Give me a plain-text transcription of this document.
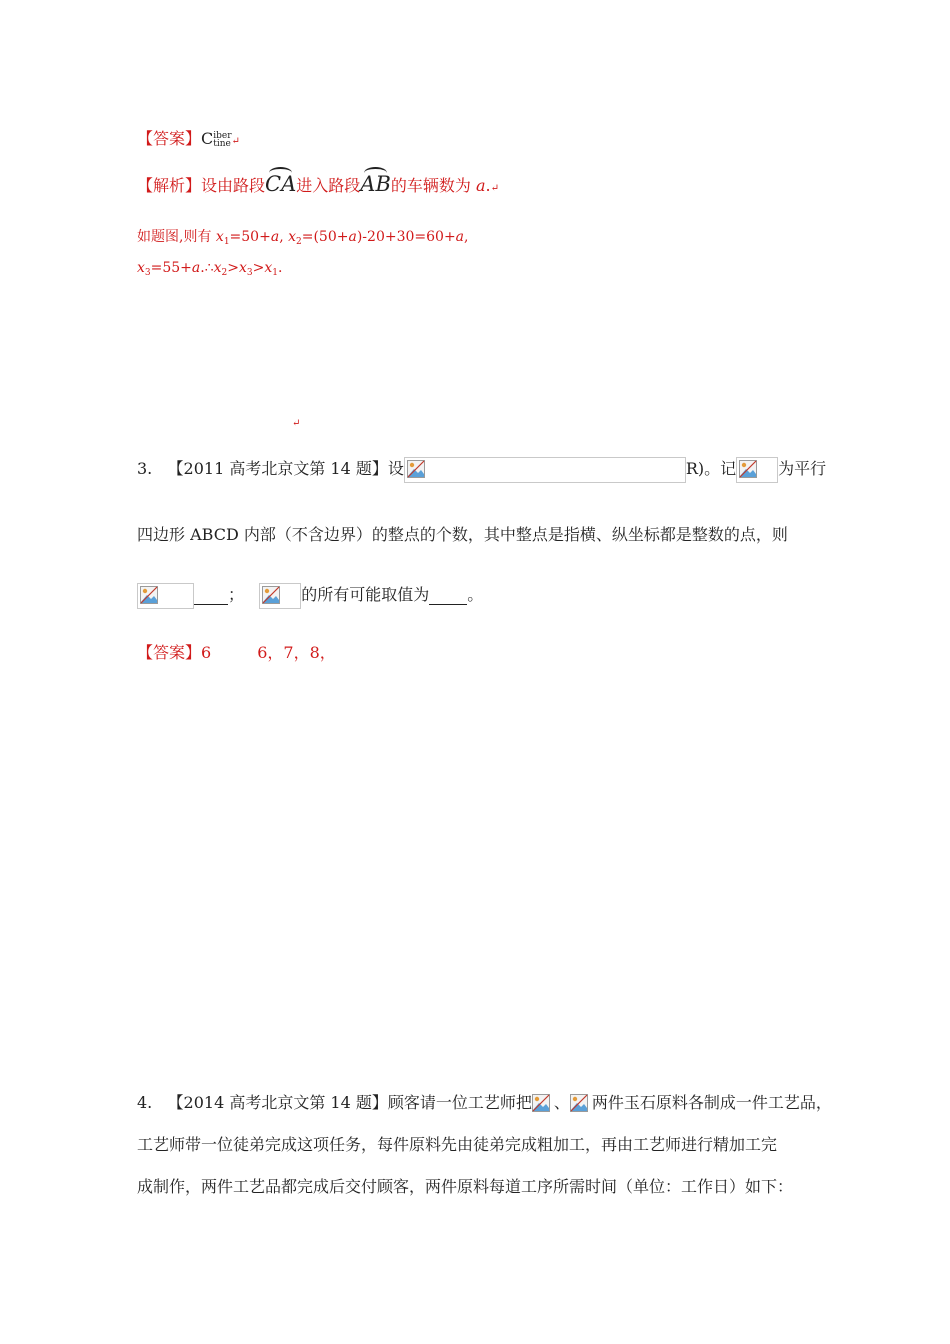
【答案】Ciber
tine↵
【解析】设由路段CA进入路段AB的车辆数为 a.↵
如题图,则有 $x_1=50+a$, $x_2=(50+a)-20+30=60+a$,
$x_3=55+a.\therefore x_2>x_3>x_1$.
↵
3. 【2011 高考北京文第 14 题】设	R)。记	为平行
四边形 ABCD 内部（不含边界）的整点的个数，其中整点是指横、纵坐标都是整数的点，则
；	的所有可能取值为 。
【答案】6	6，7，8，
4. 【2014 高考北京文第 14 题】顾客请一位工艺师把 、 两件玉石原料各制成一件工艺品，
工艺师带一位徒弟完成这项任务，每件原料先由徒弟完成粗加工，再由工艺师进行精加工完
成制作，两件工艺品都完成后交付顾客，两件原料每道工序所需时间（单位：工作日）如下：
